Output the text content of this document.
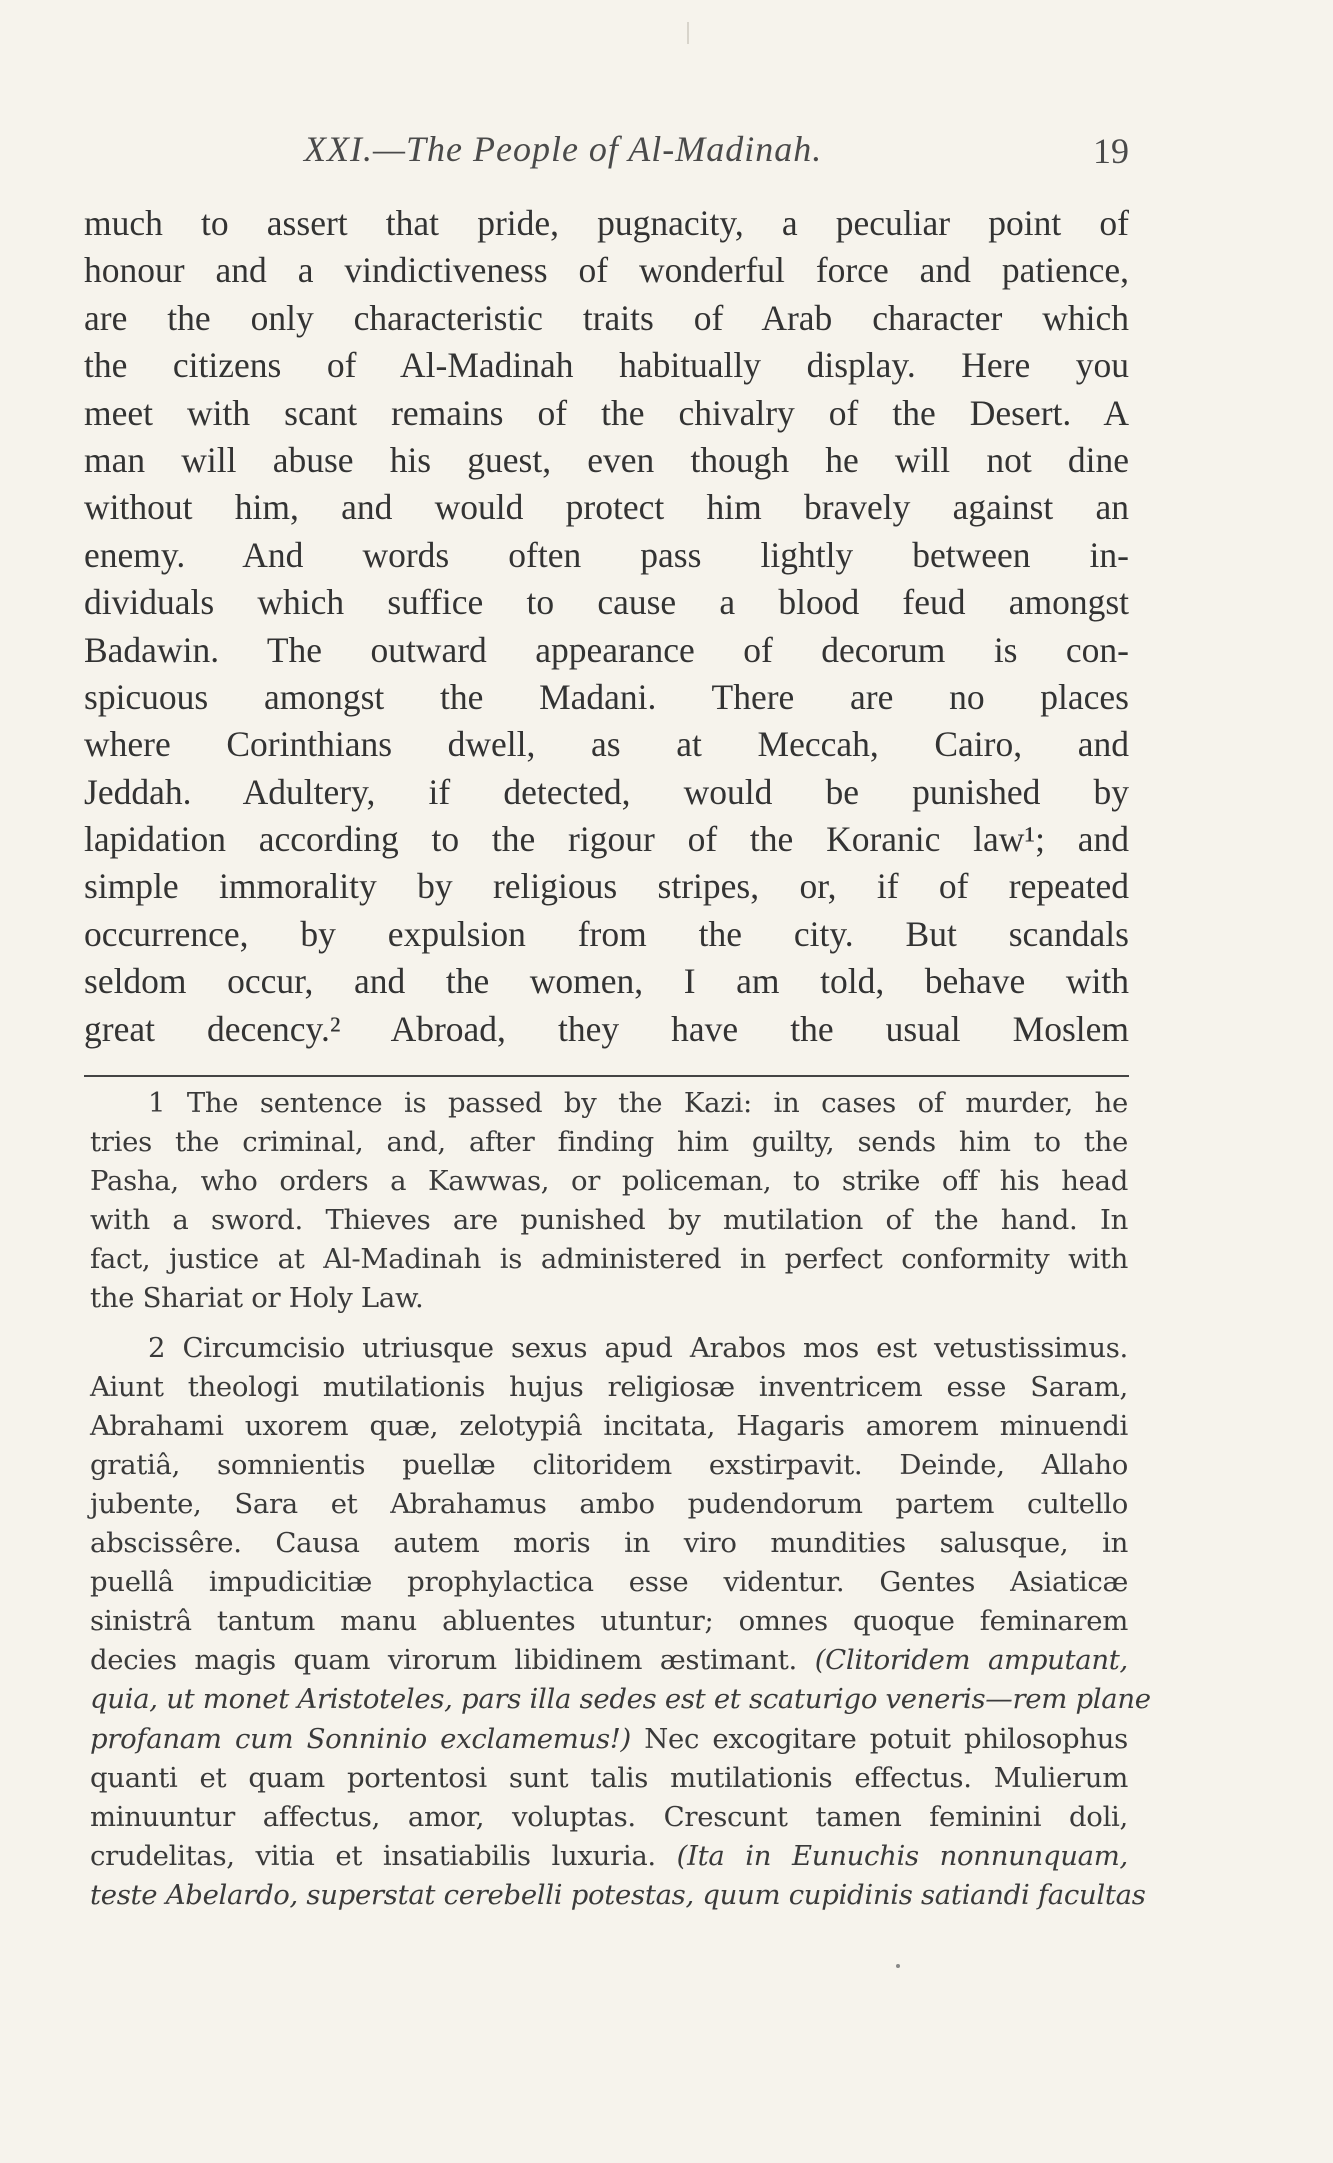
XXI.—The People of Al-Madinah.	19
much to assert that pride, pugnacity, a peculiar point of
honour and a vindictiveness of wonderful force and patience,
are the only characteristic traits of Arab character which
the citizens of Al-Madinah habitually display. Here you
meet with scant remains of the chivalry of the Desert. A
man will abuse his guest, even though he will not dine
without him, and would protect him bravely against an
enemy. And words often pass lightly between in-
dividuals which suffice to cause a blood feud amongst
Badawin. The outward appearance of decorum is con-
spicuous amongst the Madani. There are no places
where Corinthians dwell, as at Meccah, Cairo, and
Jeddah. Adultery, if detected, would be punished by
lapidation according to the rigour of the Koranic law¹; and
simple immorality by religious stripes, or, if of repeated
occurrence, by expulsion from the city. But scandals
seldom occur, and the women, I am told, behave with
great decency.² Abroad, they have the usual Moslem
1 The sentence is passed by the Kazi: in cases of murder, he
tries the criminal, and, after finding him guilty, sends him to the
Pasha, who orders a Kawwas, or policeman, to strike off his head
with a sword. Thieves are punished by mutilation of the hand. In
fact, justice at Al-Madinah is administered in perfect conformity with
the Shariat or Holy Law.
2 Circumcisio utriusque sexus apud Arabos mos est vetustissimus.
Aiunt theologi mutilationis hujus religiosæ inventricem esse Saram,
Abrahami uxorem quæ, zelotypiâ incitata, Hagaris amorem minuendi
gratiâ, somnientis puellæ clitoridem exstirpavit. Deinde, Allaho
jubente, Sara et Abrahamus ambo pudendorum partem cultello
abscissêre. Causa autem moris in viro mundities salusque, in
puellâ impudicitiæ prophylactica esse videntur. Gentes Asiaticæ
sinistrâ tantum manu abluentes utuntur; omnes quoque feminarem
decies magis quam virorum libidinem æstimant. (Clitoridem amputant,
quia, ut monet Aristoteles, pars illa sedes est et scaturigo veneris—rem plane
profanam cum Sonninio exclamemus!) Nec excogitare potuit philosophus
quanti et quam portentosi sunt talis mutilationis effectus. Mulierum
minuuntur affectus, amor, voluptas. Crescunt tamen feminini doli,
crudelitas, vitia et insatiabilis luxuria. (Ita in Eunuchis nonnunquam,
teste Abelardo, superstat cerebelli potestas, quum cupidinis satiandi facultas
